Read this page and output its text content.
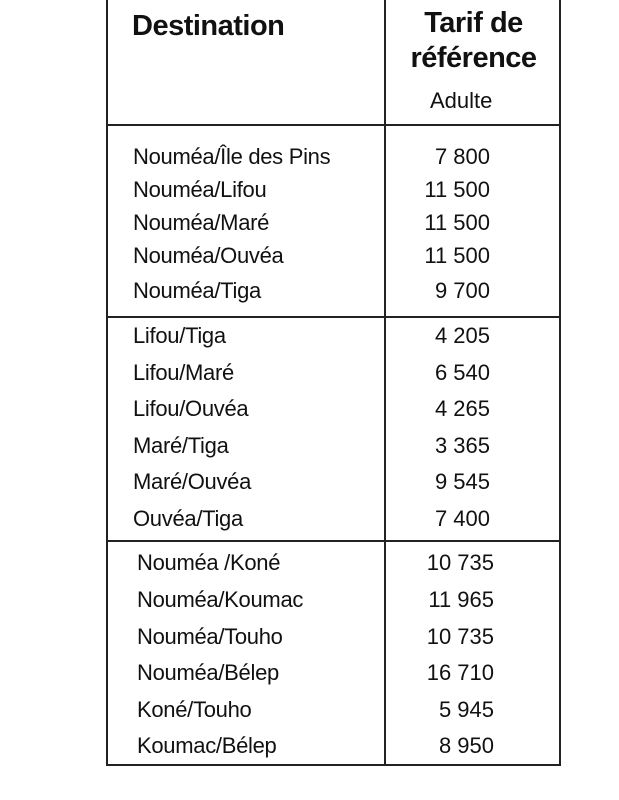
Destination	Tarif de
référence
Adulte
Nouméa/Île des Pins	7 800
Nouméa/Lifou	11 500
Nouméa/Maré	11 500
Nouméa/Ouvéa	11 500
Nouméa/Tiga	9 700
Lifou/Tiga	4 205
Lifou/Maré	6 540
Lifou/Ouvéa	4 265
Maré/Tiga	3 365
Maré/Ouvéa	9 545
Ouvéa/Tiga	7 400
Nouméa /Koné	10 735
Nouméa/Koumac	11 965
Nouméa/Touho	10 735
Nouméa/Bélep	16 710
Koné/Touho	5 945
Koumac/Bélep	8 950
